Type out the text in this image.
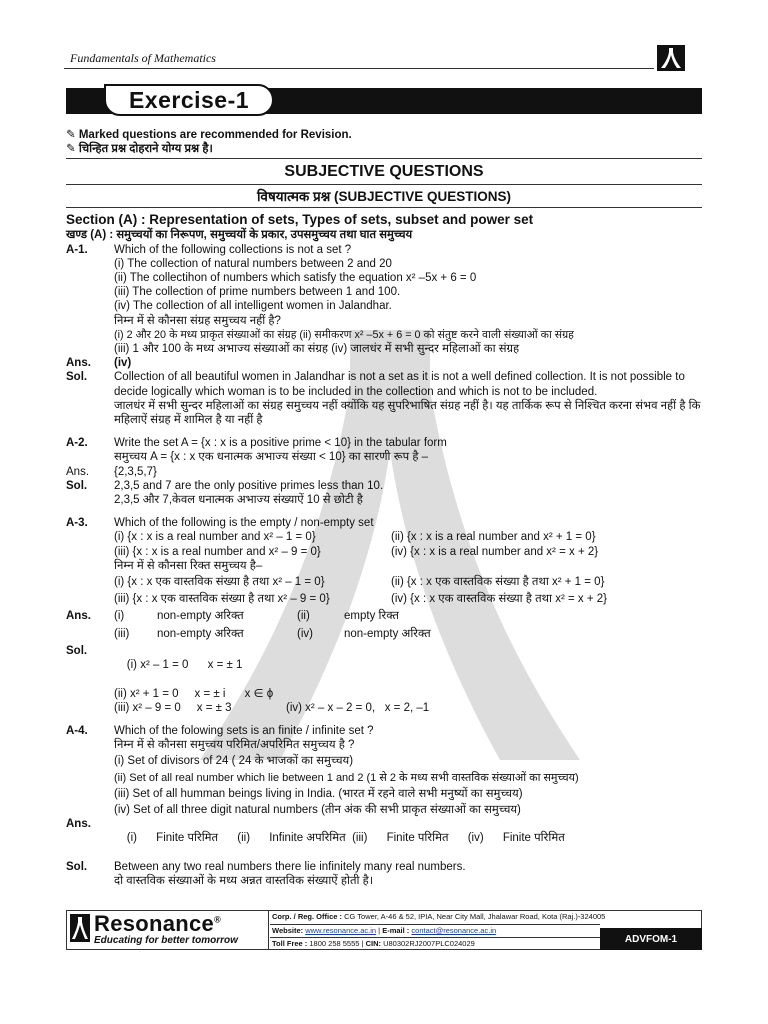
Fundamentals of Mathematics
Exercise-1
✎ Marked questions are recommended for Revision.
✎ चिन्हित प्रश्न दोहराने योग्य प्रश्न है।
SUBJECTIVE QUESTIONS
विषयात्मक प्रश्न (SUBJECTIVE QUESTIONS)
Section (A) : Representation of sets, Types of sets, subset and power set
खण्ड (A) : समुच्चयों का निरूपण, समुच्चयों के प्रकार, उपसमुच्चय तथा घात समुच्चय
A-1. Which of the following collections is not a set ?
(i) The collection of natural numbers between 2 and 20
(ii) The collectihon of numbers which satisfy the equation x² –5x + 6 = 0
(iii) The collection of prime numbers between 1 and 100.
(iv) The collection of all intelligent women in Jalandhar.
निम्न में से कौनसा संग्रह समुच्चय नहीं है?
(i) 2 और 20 के मध्य प्राकृत संख्याओं का संग्रह (ii) समीकरण x² –5x + 6 = 0 को संतुष्ट करने वाली संख्याओं का संग्रह
(iii) 1 और 100 के मध्य अभाज्य संख्याओं का संग्रह (iv) जालधंर में सभी सुन्दर महिलाओं का संग्रह
Ans. (iv)
Sol. Collection of all beautiful women in Jalandhar is not a set as it is not a well defined collection. It is not possible to decide logically which woman is to be included in the collection and which is not to be included.
जालधंर में सभी सुन्दर महिलाओं का संग्रह समुच्चय नहीं क्योंकि यह सुपरिभाषित संग्रह नहीं है। यह तार्किक रूप से निश्चित करना संभव नहीं है कि महिलाऐं संग्रह में शामिल है या नहीं है
A-2. Write the set A = {x : x is a positive prime < 10} in the tabular form
समुच्चय A = {x : x एक धनात्मक अभाज्य संख्या < 10} का सारणी रूप है –
Ans. {2,3,5,7}
Sol. 2,3,5 and 7 are the only positive primes less than 10.
2,3,5 और 7,केवल धनात्मक अभाज्य संख्याऐं 10 से छोटी है
A-3. Which of the following is the empty / non-empty set
(i) {x : x is a real number and x² – 1 = 0}	(ii) {x : x is a real number and x² + 1 = 0}
(iii) {x : x is a real number and x² – 9 = 0}	(iv) {x : x is a real number and x² = x + 2}
निम्न में से कौनसा रिक्त समुच्चय है–
(i) {x : x एक वास्तविक संख्या है तथा x² – 1 = 0}	(ii) {x : x एक वास्तविक संख्या है तथा x² + 1 = 0}
(iii) {x : x एक वास्तविक संख्या है तथा x² – 9 = 0}	(iv) {x : x एक वास्तविक संख्या है तथा x² = x + 2}
Ans. (i)	non-empty अरिक्त	(ii)	empty रिक्त
(iii)	non-empty अरिक्त	(iv)	non-empty अरिक्त

Sol.
(i) x² – 1 = 0      x = ± 1

(ii) x² + 1 = 0     x = ± i      x ∈ ϕ
(iii) x² – 9 = 0     x = ± 3	(iv) x² – x – 2 = 0,   x = 2, –1
A-4. Which of the folowing sets is an finite / infinite set ?
निम्न में से कौनसा समुच्चय परिमित/अपरिमित समुच्चय है ?
(i) Set of divisors of 24 ( 24 के भाजकों का समुच्चय)
(ii) Set of all real number which lie between 1 and 2 (1 से 2 के मध्य सभी वास्तविक संख्याओं का समुच्चय)
(iii) Set of all humman beings living in India. (भारत में रहने वाले सभी मनुष्यों का समुच्चय)
(iv) Set of all three digit natural numbers (तीन अंक की सभी प्राकृत संख्याओं का समुच्चय)

Ans.
(i)      Finite परिमित      (ii)      Infinite अपरिमित  (iii)      Finite परिमित      (iv)      Finite परिमित

Sol. Between any two real numbers there lie infinitely many real numbers.
दो वास्तविक संख्याओं के मध्य अन्नत वास्तविक संख्याऐं होती है।
Resonance®
Educating for better tomorrow
Corp. / Reg. Office : CG Tower, A-46 & 52, IPIA, Near City Mall, Jhalawar Road, Kota (Raj.)-324005
Website: www.resonance.ac.in | E-mail : contact@resonance.ac.in
Toll Free : 1800 258 5555 | CIN: U80302RJ2007PLC024029	ADVFOM-1
